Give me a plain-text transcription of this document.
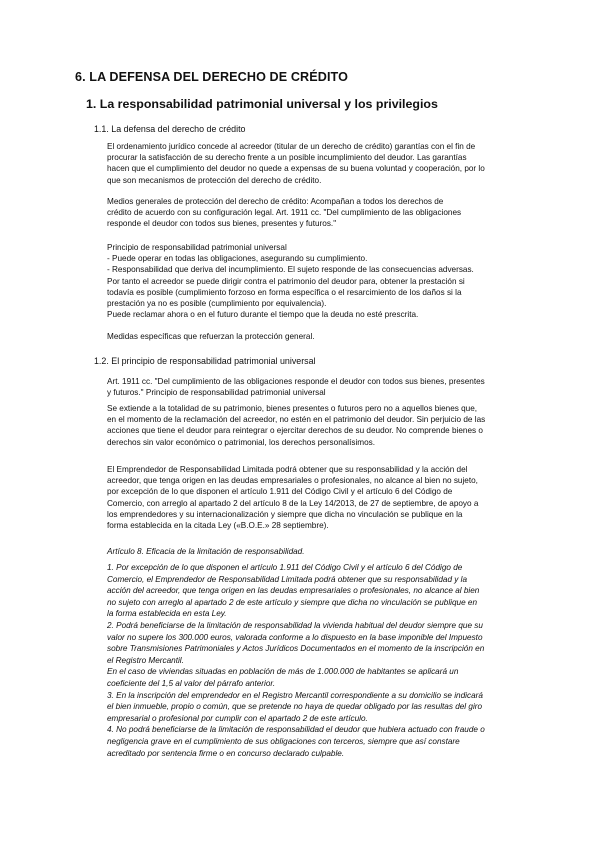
6. LA DEFENSA DEL DERECHO DE CRÉDITO
1. La responsabilidad patrimonial universal y los privilegios

1.1. La defensa del derecho de crédito

El ordenamiento jurídico concede al acreedor (titular de un derecho de crédito) garantías con el fin de
procurar la satisfacción de su derecho frente a un posible incumplimiento del deudor. Las garantías
hacen que el cumplimiento del deudor no quede a expensas de su buena voluntad y cooperación, por lo
que son mecanismos de protección del derecho de crédito.
Medios generales de protección del derecho de crédito: Acompañan a todos los derechos de
crédito de acuerdo con su configuración legal. Art. 1911 cc. "Del cumplimiento de las obligaciones
responde el deudor con todos sus bienes, presentes y futuros."
Principio de responsabilidad patrimonial universal
- Puede operar en todas las obligaciones, asegurando su cumplimiento.
- Responsabilidad que deriva del incumplimiento. El sujeto responde de las consecuencias adversas.
Por tanto el acreedor se puede dirigir contra el patrimonio del deudor para, obtener la prestación si
todavía es posible (cumplimiento forzoso en forma específica o el resarcimiento de los daños si la
prestación ya no es posible (cumplimiento por equivalencia).
Puede reclamar ahora o en el futuro durante el tiempo que la deuda no esté prescrita.
Medidas específicas que refuerzan la protección general.

1.2. El principio de responsabilidad patrimonial universal

Art. 1911 cc. "Del cumplimiento de las obligaciones responde el deudor con todos sus bienes, presentes
y futuros." Principio de responsabilidad patrimonial universal
Se extiende a la totalidad de su patrimonio, bienes presentes o futuros pero no a aquellos bienes que,
en el momento de la reclamación del acreedor, no estén en el patrimonio del deudor. Sin perjuicio de las
acciones que tiene el deudor para reintegrar o ejercitar derechos de su deudor. No comprende bienes o
derechos sin valor económico o patrimonial, los derechos personalísimos.
El Emprendedor de Responsabilidad Limitada podrá obtener que su responsabilidad y la acción del
acreedor, que tenga origen en las deudas empresariales o profesionales, no alcance al bien no sujeto,
por excepción de lo que disponen el artículo 1.911 del Código Civil y el artículo 6 del Código de
Comercio, con arreglo al apartado 2 del artículo 8 de la Ley 14/2013, de 27 de septiembre, de apoyo a
los emprendedores y su internacionalización y siempre que dicha no vinculación se publique en la
forma establecida en la citada Ley («B.O.E.» 28 septiembre).
Artículo 8. Eficacia de la limitación de responsabilidad.
1. Por excepción de lo que disponen el artículo 1.911 del Código Civil y el artículo 6 del Código de
Comercio, el Emprendedor de Responsabilidad Limitada podrá obtener que su responsabilidad y la
acción del acreedor, que tenga origen en las deudas empresariales o profesionales, no alcance al bien
no sujeto con arreglo al apartado 2 de este artículo y siempre que dicha no vinculación se publique en
la forma establecida en esta Ley.
2. Podrá beneficiarse de la limitación de responsabilidad la vivienda habitual del deudor siempre que su
valor no supere los 300.000 euros, valorada conforme a lo dispuesto en la base imponible del Impuesto
sobre Transmisiones Patrimoniales y Actos Jurídicos Documentados en el momento de la inscripción en
el Registro Mercantil.
En el caso de viviendas situadas en población de más de 1.000.000 de habitantes se aplicará un
coeficiente del 1,5 al valor del párrafo anterior.
3. En la inscripción del emprendedor en el Registro Mercantil correspondiente a su domicilio se indicará
el bien inmueble, propio o común, que se pretende no haya de quedar obligado por las resultas del giro
empresarial o profesional por cumplir con el apartado 2 de este artículo.
4. No podrá beneficiarse de la limitación de responsabilidad el deudor que hubiera actuado con fraude o
negligencia grave en el cumplimiento de sus obligaciones con terceros, siempre que así constare
acreditado por sentencia firme o en concurso declarado culpable.
